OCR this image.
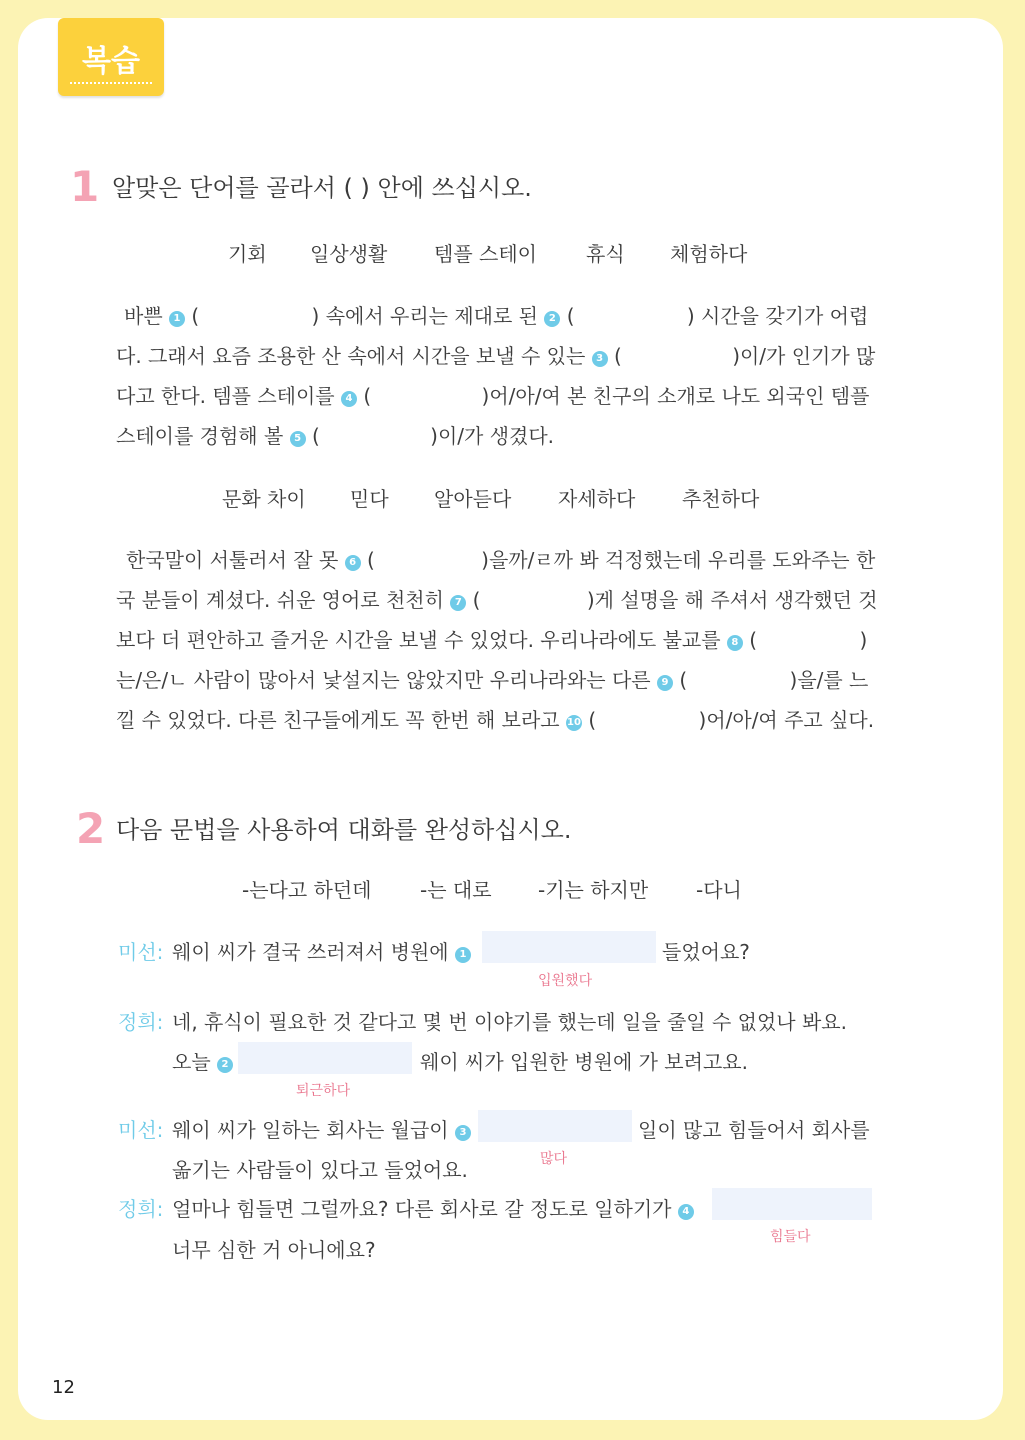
복습
1 알맞은 단어를 골라서 ( ) 안에 쓰십시오.
기회 일상생활 템플 스테이 휴식 체험하다
바쁜 1 (	) 속에서 우리는 제대로 된 2 (	) 시간을 갖기가 어렵
다. 그래서 요즘 조용한 산 속에서 시간을 보낼 수 있는 3 (	)이/가 인기가 많
다고 한다. 템플 스테이를 4 (	)어/아/여 본 친구의 소개로 나도 외국인 템플
스테이를 경험해 볼 5 (	)이/가 생겼다.
문화 차이 믿다 알아듣다 자세하다 추천하다
한국말이 서툴러서 잘 못 6 (	)을까/ㄹ까 봐 걱정했는데 우리를 도와주는 한
국 분들이 계셨다. 쉬운 영어로 천천히 7 (	)게 설명을 해 주셔서 생각했던 것
보다 더 편안하고 즐거운 시간을 보낼 수 있었다. 우리나라에도 불교를 8 (	)
는/은/ㄴ 사람이 많아서 낯설지는 않았지만 우리나라와는 다른 9 (	)을/를 느
낄 수 있었다. 다른 친구들에게도 꼭 한번 해 보라고 10 (	)어/아/여 주고 싶다.
2 다음 문법을 사용하여 대화를 완성하십시오.
-는다고 하던데 -는 대로 -기는 하지만 -다니
미선: 웨이 씨가 결국 쓰러져서 병원에 1	들었어요?
입원했다
정희: 네, 휴식이 필요한 것 같다고 몇 번 이야기를 했는데 일을 줄일 수 없었나 봐요.
오늘 2	웨이 씨가 입원한 병원에 가 보려고요.
퇴근하다
미선: 웨이 씨가 일하는 회사는 월급이 3	일이 많고 힘들어서 회사를
옮기는 사람들이 있다고 들었어요.	많다
정희: 얼마나 힘들면 그럴까요? 다른 회사로 갈 정도로 일하기가 4
힘들다
너무 심한 거 아니에요?
12
